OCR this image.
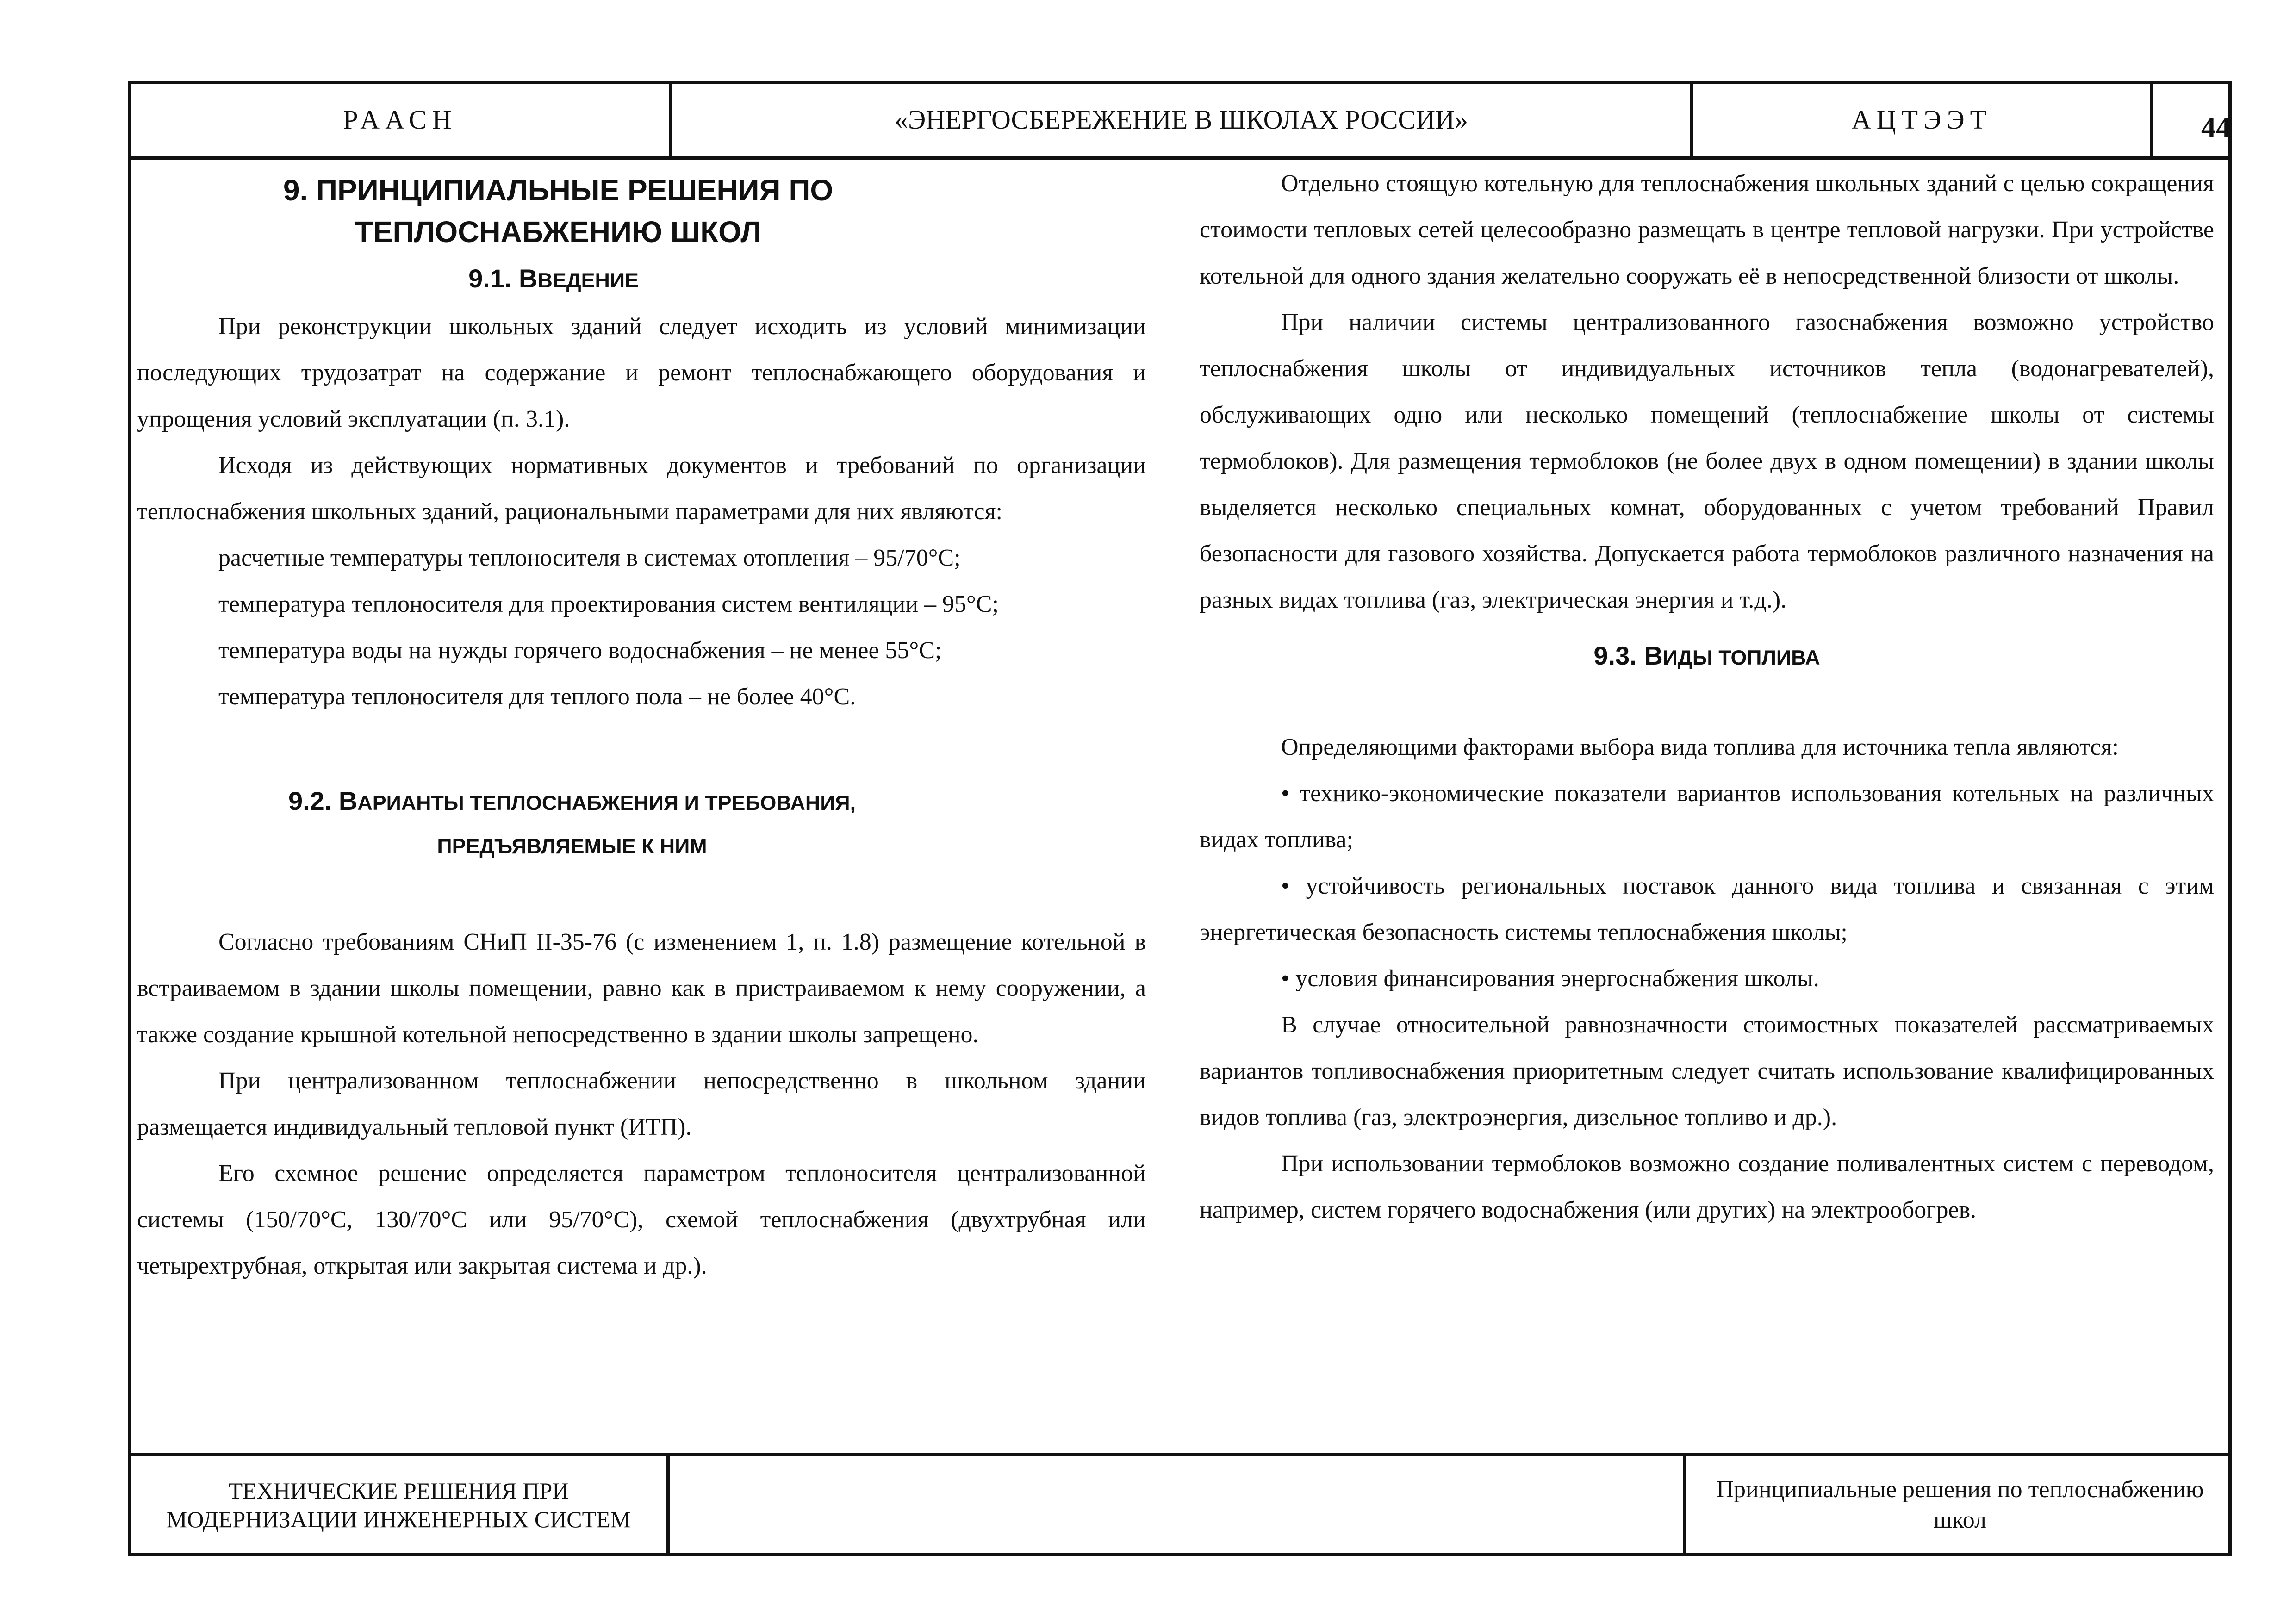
РААСН	«ЭНЕРГОСБЕРЕЖЕНИЕ В ШКОЛАХ РОССИИ»	АЦТЭЭТ	44
9. ПРИНЦИПИАЛЬНЫЕ РЕШЕНИЯ ПО
ТЕПЛОСНАБЖЕНИЮ ШКОЛ
9.1. ВВЕДЕНИЕ

При реконструкции школьных зданий следует исходить из условий минимизации последующих трудозатрат на содержание и ремонт теплоснабжающего оборудования и упрощения условий эксплуатации (п. 3.1).

Исходя из действующих нормативных документов и требований по организации теплоснабжения школьных зданий, рациональными параметрами для них являются:

расчетные температуры теплоносителя в системах отопления – 95/70°С;

температура теплоносителя для проектирования систем вентиляции – 95°С;

температура воды на нужды горячего водоснабжения – не менее 55°С;

температура теплоносителя для теплого пола – не более 40°С.

9.2. ВАРИАНТЫ ТЕПЛОСНАБЖЕНИЯ И ТРЕБОВАНИЯ,
ПРЕДЪЯВЛЯЕМЫЕ К НИМ

Согласно требованиям СНиП II-35-76 (с изменением 1, п. 1.8) размещение котельной в встраиваемом в здании школы помещении, равно как в пристраиваемом к нему сооружении, а также создание крышной котельной непосредственно в здании школы запрещено.

При централизованном теплоснабжении непосредственно в школьном здании размещается индивидуальный тепловой пункт (ИТП).

Его схемное решение определяется параметром теплоносителя централизованной системы (150/70°С, 130/70°С или 95/70°С), схемой теплоснабжения (двухтрубная или четырехтрубная, открытая или закрытая система и др.).

Отдельно стоящую котельную для теплоснабжения школьных зданий с целью сокращения стоимости тепловых сетей целесообразно размещать в центре тепловой нагрузки. При устройстве котельной для одного здания желательно сооружать её в непосредственной близости от школы.

При наличии системы централизованного газоснабжения возможно устройство теплоснабжения школы от индивидуальных источников тепла (водонагревателей), обслуживающих одно или несколько помещений (теплоснабжение школы от системы термоблоков). Для размещения термоблоков (не более двух в одном помещении) в здании школы выделяется несколько специальных комнат, оборудованных с учетом требований Правил безопасности для газового хозяйства. Допускается работа термоблоков различного назначения на разных видах топлива (газ, электрическая энергия и т.д.).

9.3. ВИДЫ ТОПЛИВА

Определяющими факторами выбора вида топлива для источника тепла являются:

• технико-экономические показатели вариантов использования котельных на различных видах топлива;

• устойчивость региональных поставок данного вида топлива и связанная с этим энергетическая безопасность системы теплоснабжения школы;

• условия финансирования энергоснабжения школы.

В случае относительной равнозначности стоимостных показателей рассматриваемых вариантов топливоснабжения приоритетным следует считать использование квалифицированных видов топлива (газ, электроэнергия, дизельное топливо и др.).

При использовании термоблоков возможно создание поливалентных систем с переводом, например, систем горячего водоснабжения (или других) на электрообогрев.

ТЕХНИЧЕСКИЕ РЕШЕНИЯ ПРИ
МОДЕРНИЗАЦИИ ИНЖЕНЕРНЫХ СИСТЕМ
Принципиальные решения по теплоснабжению школ
